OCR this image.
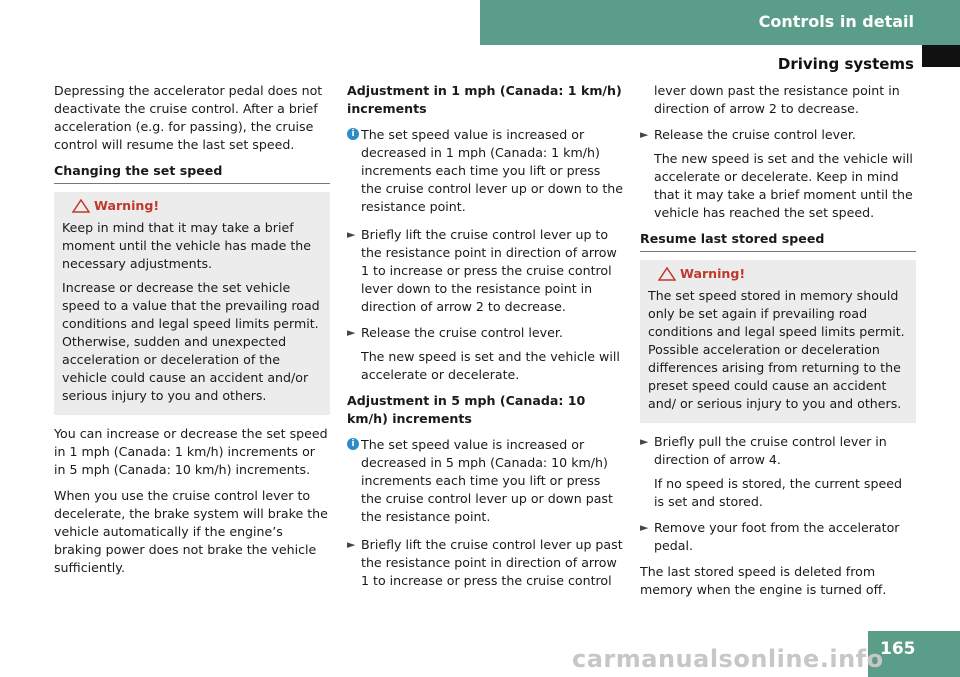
Controls in detail
Driving systems

Depressing the accelerator pedal does not deactivate the cruise control. After a brief acceleration (e.g. for passing), the cruise control will resume the last set speed.

Changing the set speed
Warning!

Keep in mind that it may take a brief moment until the vehicle has made the necessary adjustments.

Increase or decrease the set vehicle speed to a value that the prevailing road conditions and legal speed limits permit. Otherwise, sudden and unexpected acceleration or deceleration of the vehicle could cause an accident and/or serious injury to you and others.

You can increase or decrease the set speed in 1 mph (Canada: 1 km/h) increments or in 5 mph (Canada: 10 km/h) increments.

When you use the cruise control lever to decelerate, the brake system will brake the vehicle automatically if the engine’s braking power does not brake the vehicle sufficiently.

Adjustment in 1 mph (Canada: 1 km/h) increments
i The set speed value is increased or decreased in 1 mph (Canada: 1 km/h) increments each time you lift or press the cruise control lever up or down to the resistance point.
► Briefly lift the cruise control lever up to the resistance point in direction of arrow 1 to increase or press the cruise control lever down to the resistance point in direction of arrow 2 to decrease.
► Release the cruise control lever.
The new speed is set and the vehicle will accelerate or decelerate.
Adjustment in 5 mph (Canada: 10 km/h) increments
i The set speed value is increased or decreased in 5 mph (Canada: 10 km/h) increments each time you lift or press the cruise control lever up or down past the resistance point.
► Briefly lift the cruise control lever up past the resistance point in direction of arrow 1 to increase or press the cruise control
lever down past the resistance point in direction of arrow 2 to decrease.
► Release the cruise control lever.
The new speed is set and the vehicle will accelerate or decelerate. Keep in mind that it may take a brief moment until the vehicle has reached the set speed.
Resume last stored speed
Warning!

The set speed stored in memory should only be set again if prevailing road conditions and legal speed limits permit. Possible acceleration or deceleration differences arising from returning to the preset speed could cause an accident and/ or serious injury to you and others.

► Briefly pull the cruise control lever in direction of arrow 4.
If no speed is stored, the current speed is set and stored.
► Remove your foot from the accelerator pedal.

The last stored speed is deleted from memory when the engine is turned off.

165
carmanualsonline.info
